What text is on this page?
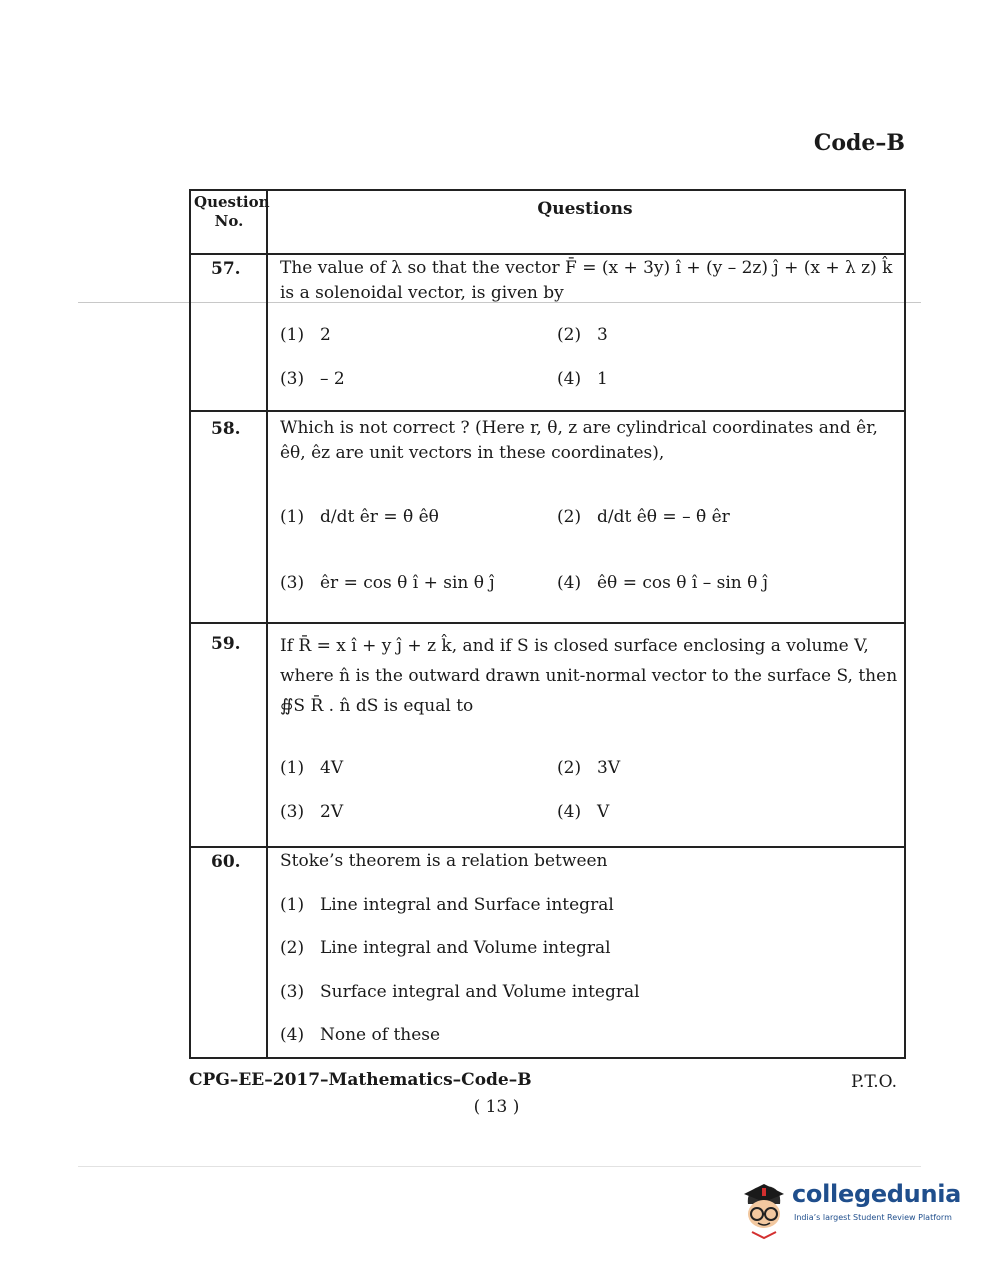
Code–B
Question No.
Questions
57. The value of λ so that the vector F̄ = (x + 3y) î + (y – 2z) ĵ + (x + λ z) k̂ is a solenoidal vector, is given by
(1) 2	(2) 3
(3) – 2	(4) 1
58. Which is not correct ? (Here r, θ, z are cylindrical coordinates and êr, êθ, êz are unit vectors in these coordinates),
(1) d/dt êr = θ̇ êθ	(2) d/dt êθ = – θ̇ êr
(3) êr = cos θ î + sin θ ĵ	(4) êθ = cos θ î – sin θ ĵ
59. If R̄ = x î + y ĵ + z k̂, and if S is closed surface enclosing a volume V, where n̂ is the outward drawn unit-normal vector to the surface S, then ∯S R̄ . n̂ dS is equal to
(1) 4V	(2) 3V
(3) 2V	(4) V
60. Stoke’s theorem is a relation between
(1) Line integral and Surface integral
(2) Line integral and Volume integral
(3) Surface integral and Volume integral
(4) None of these
CPG–EE–2017–Mathematics–Code–B	P.T.O.
( 13 )
collegedunia
India’s largest Student Review Platform
